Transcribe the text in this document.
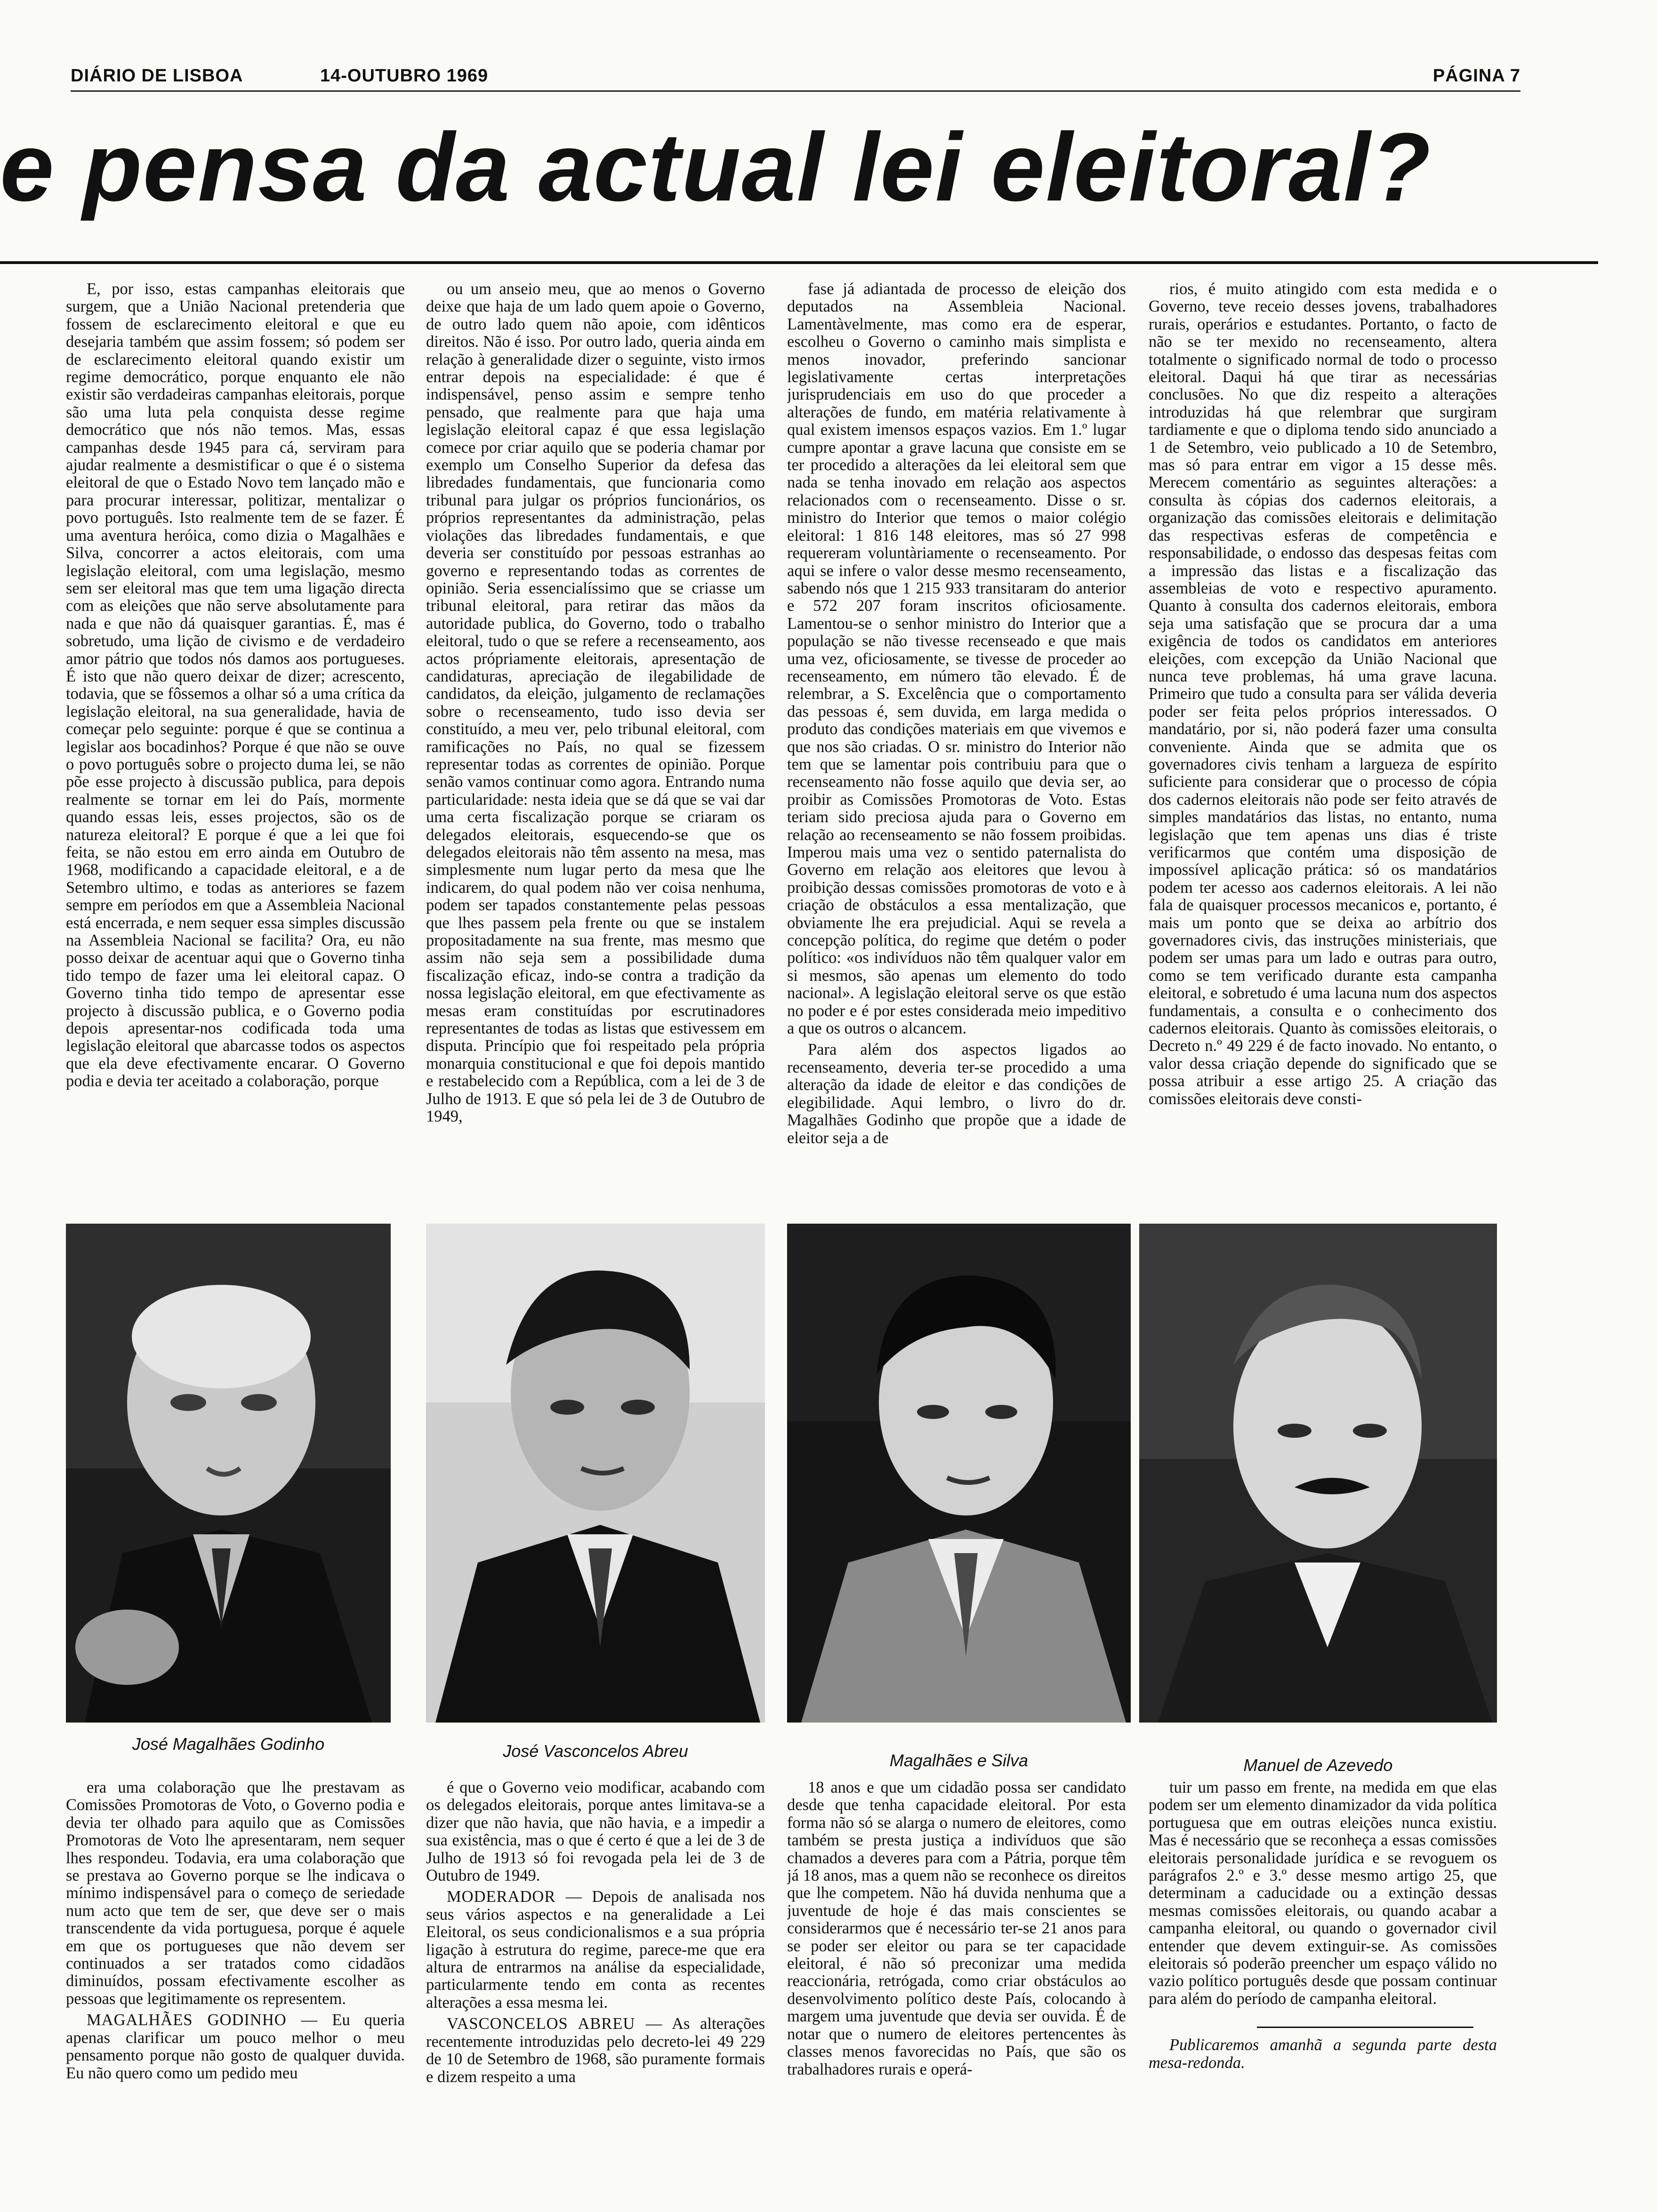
DIÁRIO DE LISBOA	14-OUTUBRO 1969	PÁGINA 7
e pensa da actual lei eleitoral?

E, por isso, estas campanhas eleitorais que surgem, que a União Nacional pretenderia que fossem de esclarecimento eleitoral e que eu desejaria também que assim fossem; só podem ser de esclarecimento eleitoral quando existir um regime democrático, porque enquanto ele não existir são verdadeiras campanhas eleitorais, porque são uma luta pela conquista desse regime democrático que nós não temos. Mas, essas campanhas desde 1945 para cá, serviram para ajudar realmente a desmistificar o que é o sistema eleitoral de que o Estado Novo tem lançado mão e para procurar interessar, politizar, mentalizar o povo português. Isto realmente tem de se fazer. É uma aventura heróica, como dizia o Magalhães e Silva, concorrer a actos eleitorais, com uma legislação eleitoral, com uma legislação, mesmo sem ser eleitoral mas que tem uma ligação directa com as eleições que não serve absolutamente para nada e que não dá quaisquer garantias. É, mas é sobretudo, uma lição de civismo e de verdadeiro amor pátrio que todos nós damos aos portugueses. É isto que não quero deixar de dizer; acrescento, todavia, que se fôssemos a olhar só a uma crítica da legislação eleitoral, na sua generalidade, havia de começar pelo seguinte: porque é que se continua a legislar aos bocadinhos? Porque é que não se ouve o povo português sobre o projecto duma lei, se não põe esse projecto à discussão publica, para depois realmente se tornar em lei do País, mormente quando essas leis, esses projectos, são os de natureza eleitoral? E porque é que a lei que foi feita, se não estou em erro ainda em Outubro de 1968, modificando a capacidade eleitoral, e a de Setembro ultimo, e todas as anteriores se fazem sempre em períodos em que a Assembleia Nacional está encerrada, e nem sequer essa simples discussão na Assembleia Nacional se facilita? Ora, eu não posso deixar de acentuar aqui que o Governo tinha tido tempo de fazer uma lei eleitoral capaz. O Governo tinha tido tempo de apresentar esse projecto à discussão publica, e o Governo podia depois apresentar-nos codificada toda uma legislação eleitoral que abarcasse todos os aspectos que ela deve efectivamente encarar. O Governo podia e devia ter aceitado a colaboração, porque

ou um anseio meu, que ao menos o Governo deixe que haja de um lado quem apoie o Governo, de outro lado quem não apoie, com idênticos direitos. Não é isso. Por outro lado, queria ainda em relação à generalidade dizer o seguinte, visto irmos entrar depois na especialidade: é que é indispensável, penso assim e sempre tenho pensado, que realmente para que haja uma legislação eleitoral capaz é que essa legislação comece por criar aquilo que se poderia chamar por exemplo um Conselho Superior da defesa das libredades fundamentais, que funcionaria como tribunal para julgar os próprios funcionários, os próprios representantes da administração, pelas violações das libredades fundamentais, e que deveria ser constituído por pessoas estranhas ao governo e representando todas as correntes de opinião. Seria essencialíssimo que se criasse um tribunal eleitoral, para retirar das mãos da autoridade publica, do Governo, todo o trabalho eleitoral, tudo o que se refere a recenseamento, aos actos própriamente eleitorais, apresentação de candidaturas, apreciação de ilegabilidade de candidatos, da eleição, julgamento de reclamações sobre o recenseamento, tudo isso devia ser constituído, a meu ver, pelo tribunal eleitoral, com ramificações no País, no qual se fizessem representar todas as correntes de opinião. Porque senão vamos continuar como agora. Entrando numa particularidade: nesta ideia que se dá que se vai dar uma certa fiscalização porque se criaram os delegados eleitorais, esquecendo-se que os delegados eleitorais não têm assento na mesa, mas simplesmente num lugar perto da mesa que lhe indicarem, do qual podem não ver coisa nenhuma, podem ser tapados constantemente pelas pessoas que lhes passem pela frente ou que se instalem propositadamente na sua frente, mas mesmo que assim não seja sem a possibilidade duma fiscalização eficaz, indo-se contra a tradição da nossa legislação eleitoral, em que efectivamente as mesas eram constituídas por escrutinadores representantes de todas as listas que estivessem em disputa. Princípio que foi respeitado pela própria monarquia constitucional e que foi depois mantido e restabelecido com a República, com a lei de 3 de Julho de 1913. E que só pela lei de 3 de Outubro de 1949,

fase já adiantada de processo de eleição dos deputados na Assembleia Nacional. Lamentàvelmente, mas como era de esperar, escolheu o Governo o caminho mais simplista e menos inovador, preferindo sancionar legislativamente certas interpretações jurisprudenciais em uso do que proceder a alterações de fundo, em matéria relativamente à qual existem imensos espaços vazios. Em 1.º lugar cumpre apontar a grave lacuna que consiste em se ter procedido a alterações da lei eleitoral sem que nada se tenha inovado em relação aos aspectos relacionados com o recenseamento. Disse o sr. ministro do Interior que temos o maior colégio eleitoral: 1 816 148 eleitores, mas só 27 998 requereram voluntàriamente o recenseamento. Por aqui se infere o valor desse mesmo recenseamento, sabendo nós que 1 215 933 transitaram do anterior e 572 207 foram inscritos oficiosamente. Lamentou-se o senhor ministro do Interior que a população se não tivesse recenseado e que mais uma vez, oficiosamente, se tivesse de proceder ao recenseamento, em número tão elevado. É de relembrar, a S. Excelência que o comportamento das pessoas é, sem duvida, em larga medida o produto das condições materiais em que vivemos e que nos são criadas. O sr. ministro do Interior não tem que se lamentar pois contribuiu para que o recenseamento não fosse aquilo que devia ser, ao proibir as Comissões Promotoras de Voto. Estas teriam sido preciosa ajuda para o Governo em relação ao recenseamento se não fossem proibidas. Imperou mais uma vez o sentido paternalista do Governo em relação aos eleitores que levou à proibição dessas comissões promotoras de voto e à criação de obstáculos a essa mentalização, que obviamente lhe era prejudicial. Aqui se revela a concepção política, do regime que detém o poder político: «os indivíduos não têm qualquer valor em si mesmos, são apenas um elemento do todo nacional». A legislação eleitoral serve os que estão no poder e é por estes considerada meio impeditivo a que os outros o alcancem.

Para além dos aspectos ligados ao recenseamento, deveria ter-se procedido a uma alteração da idade de eleitor e das condições de elegibilidade. Aqui lembro, o livro do dr. Magalhães Godinho que propõe que a idade de eleitor seja a de

rios, é muito atingido com esta medida e o Governo, teve receio desses jovens, trabalhadores rurais, operários e estudantes. Portanto, o facto de não se ter mexido no recenseamento, altera totalmente o significado normal de todo o processo eleitoral. Daqui há que tirar as necessárias conclusões. No que diz respeito a alterações introduzidas há que relembrar que surgiram tardiamente e que o diploma tendo sido anunciado a 1 de Setembro, veio publicado a 10 de Setembro, mas só para entrar em vigor a 15 desse mês. Merecem comentário as seguintes alterações: a consulta às cópias dos cadernos eleitorais, a organização das comissões eleitorais e delimitação das respectivas esferas de competência e responsabilidade, o endosso das despesas feitas com a impressão das listas e a fiscalização das assembleias de voto e respectivo apuramento. Quanto à consulta dos cadernos eleitorais, embora seja uma satisfação que se procura dar a uma exigência de todos os candidatos em anteriores eleições, com excepção da União Nacional que nunca teve problemas, há uma grave lacuna. Primeiro que tudo a consulta para ser válida deveria poder ser feita pelos próprios interessados. O mandatário, por si, não poderá fazer uma consulta conveniente. Ainda que se admita que os governadores civis tenham a largueza de espírito suficiente para considerar que o processo de cópia dos cadernos eleitorais não pode ser feito através de simples mandatários das listas, no entanto, numa legislação que tem apenas uns dias é triste verificarmos que contém uma disposição de impossível aplicação prática: só os mandatários podem ter acesso aos cadernos eleitorais. A lei não fala de quaisquer processos mecanicos e, portanto, é mais um ponto que se deixa ao arbítrio dos governadores civis, das instruções ministeriais, que podem ser umas para um lado e outras para outro, como se tem verificado durante esta campanha eleitoral, e sobretudo é uma lacuna num dos aspectos fundamentais, a consulta e o conhecimento dos cadernos eleitorais. Quanto às comissões eleitorais, o Decreto n.º 49 229 é de facto inovado. No entanto, o valor dessa criação depende do significado que se possa atribuir a esse artigo 25. A criação das comissões eleitorais deve consti-

José Magalhães Godinho	José Vasconcelos Abreu	Magalhães e Silva	Manuel de Azevedo

era uma colaboração que lhe prestavam as Comissões Promotoras de Voto, o Governo podia e devia ter olhado para aquilo que as Comissões Promotoras de Voto lhe apresentaram, nem sequer lhes respondeu. Todavia, era uma colaboração que se prestava ao Governo porque se lhe indicava o mínimo indispensável para o começo de seriedade num acto que tem de ser, que deve ser o mais transcendente da vida portuguesa, porque é aquele em que os portugueses que não devem ser continuados a ser tratados como cidadãos diminuídos, possam efectivamente escolher as pessoas que legitimamente os representem.

MAGALHÃES GODINHO — Eu queria apenas clarificar um pouco melhor o meu pensamento porque não gosto de qualquer duvida. Eu não quero como um pedido meu

é que o Governo veio modificar, acabando com os delegados eleitorais, porque antes limitava-se a dizer que não havia, que não havia, e a impedir a sua existência, mas o que é certo é que a lei de 3 de Julho de 1913 só foi revogada pela lei de 3 de Outubro de 1949.

MODERADOR — Depois de analisada nos seus vários aspectos e na generalidade a Lei Eleitoral, os seus condicionalismos e a sua própria ligação à estrutura do regime, parece-me que era altura de entrarmos na análise da especialidade, particularmente tendo em conta as recentes alterações a essa mesma lei.

VASCONCELOS ABREU — As alterações recentemente introduzidas pelo decreto-lei 49 229 de 10 de Setembro de 1968, são puramente formais e dizem respeito a uma

18 anos e que um cidadão possa ser candidato desde que tenha capacidade eleitoral. Por esta forma não só se alarga o numero de eleitores, como também se presta justiça a indivíduos que são chamados a deveres para com a Pátria, porque têm já 18 anos, mas a quem não se reconhece os direitos que lhe competem. Não há duvida nenhuma que a juventude de hoje é das mais conscientes se considerarmos que é necessário ter-se 21 anos para se poder ser eleitor ou para se ter capacidade eleitoral, é não só preconizar uma medida reaccionária, retrógada, como criar obstáculos ao desenvolvimento político deste País, colocando à margem uma juventude que devia ser ouvida. É de notar que o numero de eleitores pertencentes às classes menos favorecidas no País, que são os trabalhadores rurais e operá-

tuir um passo em frente, na medida em que elas podem ser um elemento dinamizador da vida política portuguesa que em outras eleições nunca existiu. Mas é necessário que se reconheça a essas comissões eleitorais personalidade jurídica e se revoguem os parágrafos 2.º e 3.º desse mesmo artigo 25, que determinam a caducidade ou a extinção dessas mesmas comissões eleitorais, ou quando acabar a campanha eleitoral, ou quando o governador civil entender que devem extinguir-se. As comissões eleitorais só poderão preencher um espaço válido no vazio político português desde que possam continuar para além do período de campanha eleitoral.

Publicaremos amanhã a segunda parte desta mesa-redonda.
